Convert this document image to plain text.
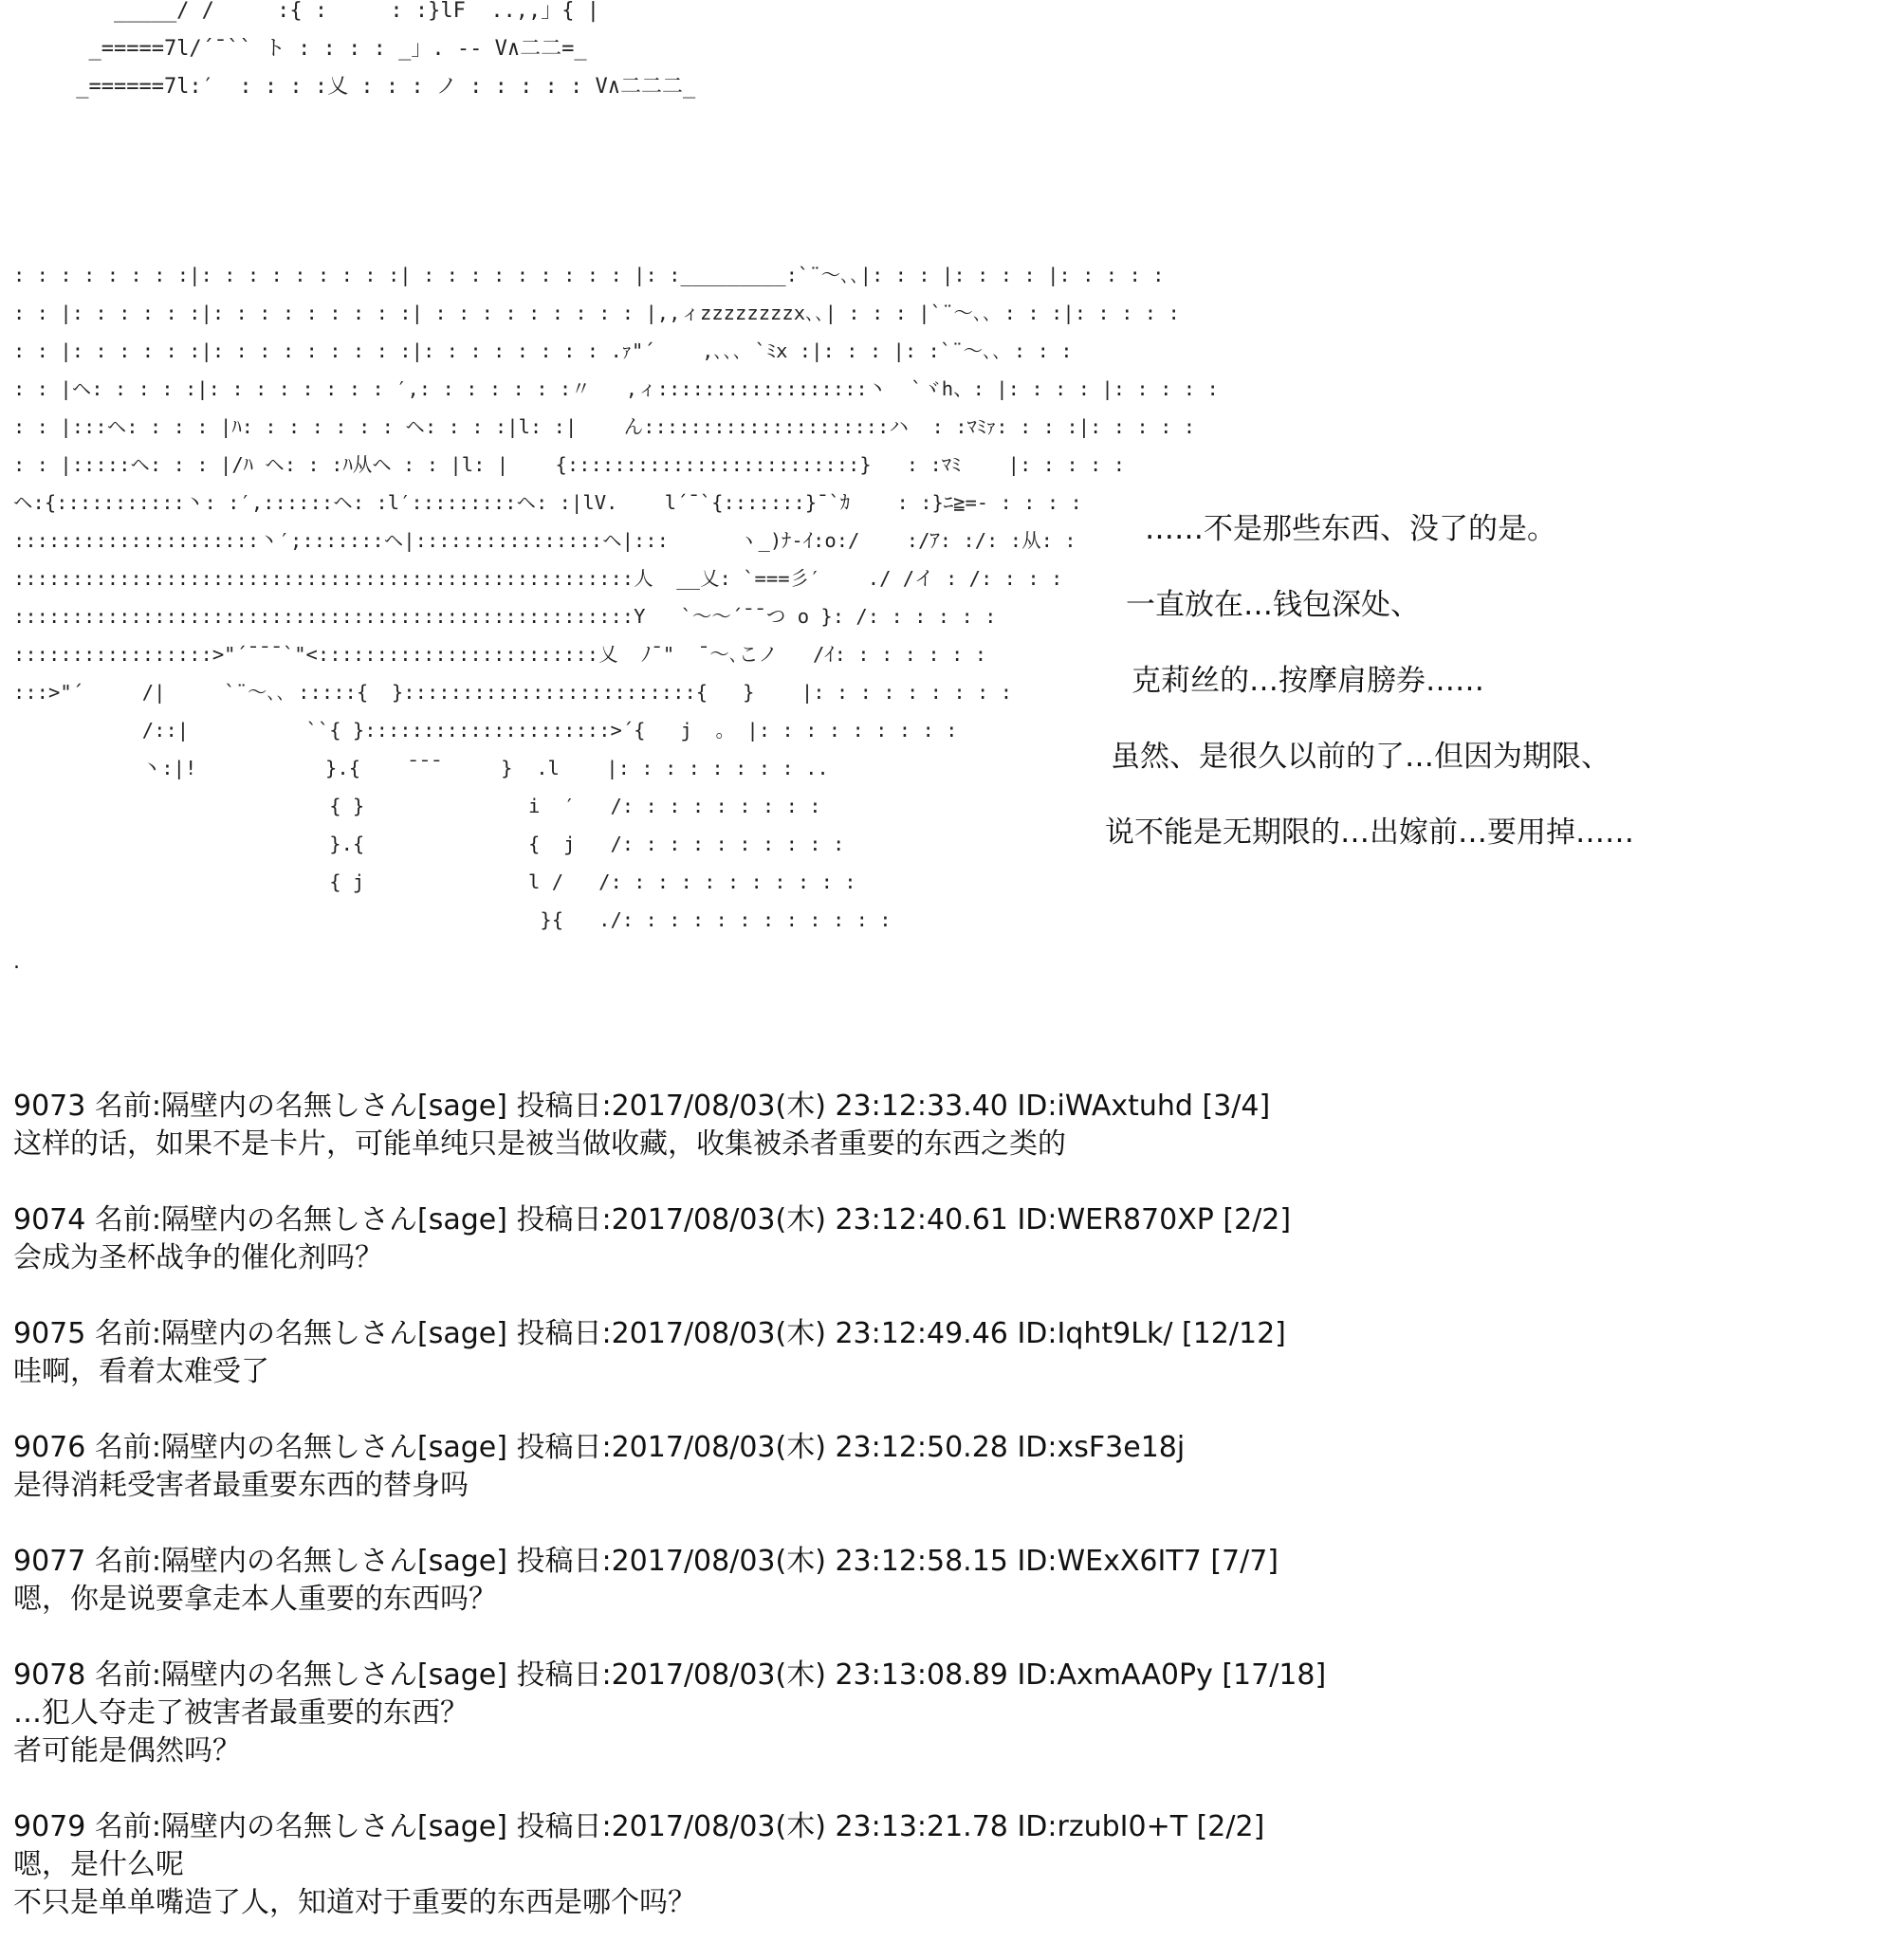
_____/ /     :{ :     : :}lF  ..,,」{ |
_=====7l/´¯`` ト : : : : _」. -- V∧二二=_
_======7l:′  : : : :乂 : : : ノ : : : : : V∧二二二_
: : : : : : : :|: : : : : : : : :| : : : : : : : : : |: :_________:`¨～､､|: : : |: : : : |: : : : :
: : |: : : : : :|: : : : : : : : :| : : : : : : : : : |,,ィzzzzzzzzx､､| : : : |`¨～､､ : : :|: : : : :
: : |: : : : : :|: : : : : : : : :|: : : : : : : : .ｧ"´    ,､､､ `ﾐx :|: : : |: :`¨～､､ : : :
: : |ヘ: : : : :|: : : : : : : : ′,: : : : : : :〃   ,ィ::::::::::::::::::丶  `ヾh、: |: : : : |: : : : :
: : |:::ヘ: : : : |ﾊ: : : : : : : ヘ: : : :|l: :|    ん:::::::::::::::::::::ハ  : :ﾏﾐｧ: : : :|: : : : :
: : |:::::ヘ: : : |/ﾊ ヘ: : :ﾊ从ヘ : : |l: |    {:::::::::::::::::::::::::}   : :ﾏﾐ    |: : : : :
ヘ:{:::::::::::丶: :′,::::::ヘ: :l′:::::::::ヘ: :|lV.    l´¯`{:::::::}¯`ｶ    : :}ﾆ≧=- : : : :
:::::::::::::::::::::丶′;:::::::ヘ|::::::::::::::::ヘ|:::      ヽ_)ﾅ-ｲ:o:/    :/ｱ: :/: :从: :
:::::::::::::::::::::::::::::::::::::::::::::::::::::人  __乂: `===彡′    ./ /イ : /: : : :
:::::::::::::::::::::::::::::::::::::::::::::::::::::Y   `～～´¯¯つ o }: /: : : : : :
:::::::::::::::::>"´¯¯¯`"<::::::::::::::::::::::::乂  ﾉ¯"  ¯～､こノ   /ｲ: : : : : : :
:::>"´     /|     `¨～､､ :::::{  }:::::::::::::::::::::::::{   }    |: : : : : : : : :
/::|          ``{ }:::::::::::::::::::::>´{   j  。 |: : : : : : : : :
丶:|!           }.{    ¯¯¯     }  .l    |: : : : : : : : ..
{ }              i  ′   /: : : : : : : : :
}.{              {  j   /: : : : : : : : : :
{ j              l /   /: : : : : : : : : : :
}{   ./: : : : : : : : : : : :
.
……不是那些东西、没了的是。
一直放在…钱包深处、
克莉丝的…按摩肩膀券……
虽然、是很久以前的了…但因为期限、
说不能是无期限的…出嫁前…要用掉……
9073 名前:隔壁内の名無しさん[sage] 投稿日:2017/08/03(木) 23:12:33.40 ID:iWAxtuhd [3/4]
这样的话，如果不是卡片，可能单纯只是被当做收藏，收集被杀者重要的东西之类的
9074 名前:隔壁内の名無しさん[sage] 投稿日:2017/08/03(木) 23:12:40.61 ID:WER870XP [2/2]
会成为圣杯战争的催化剂吗？
9075 名前:隔壁内の名無しさん[sage] 投稿日:2017/08/03(木) 23:12:49.46 ID:Iqht9Lk/ [12/12]
哇啊，看着太难受了
9076 名前:隔壁内の名無しさん[sage] 投稿日:2017/08/03(木) 23:12:50.28 ID:xsF3e18j
是得消耗受害者最重要东西的替身吗
9077 名前:隔壁内の名無しさん[sage] 投稿日:2017/08/03(木) 23:12:58.15 ID:WExX6IT7 [7/7]
嗯，你是说要拿走本人重要的东西吗？
9078 名前:隔壁内の名無しさん[sage] 投稿日:2017/08/03(木) 23:13:08.89 ID:AxmAA0Py [17/18]
…犯人夺走了被害者最重要的东西？
者可能是偶然吗？
9079 名前:隔壁内の名無しさん[sage] 投稿日:2017/08/03(木) 23:13:21.78 ID:rzubI0+T [2/2]
嗯，是什么呢
不只是单单嘴造了人，知道对于重要的东西是哪个吗？
